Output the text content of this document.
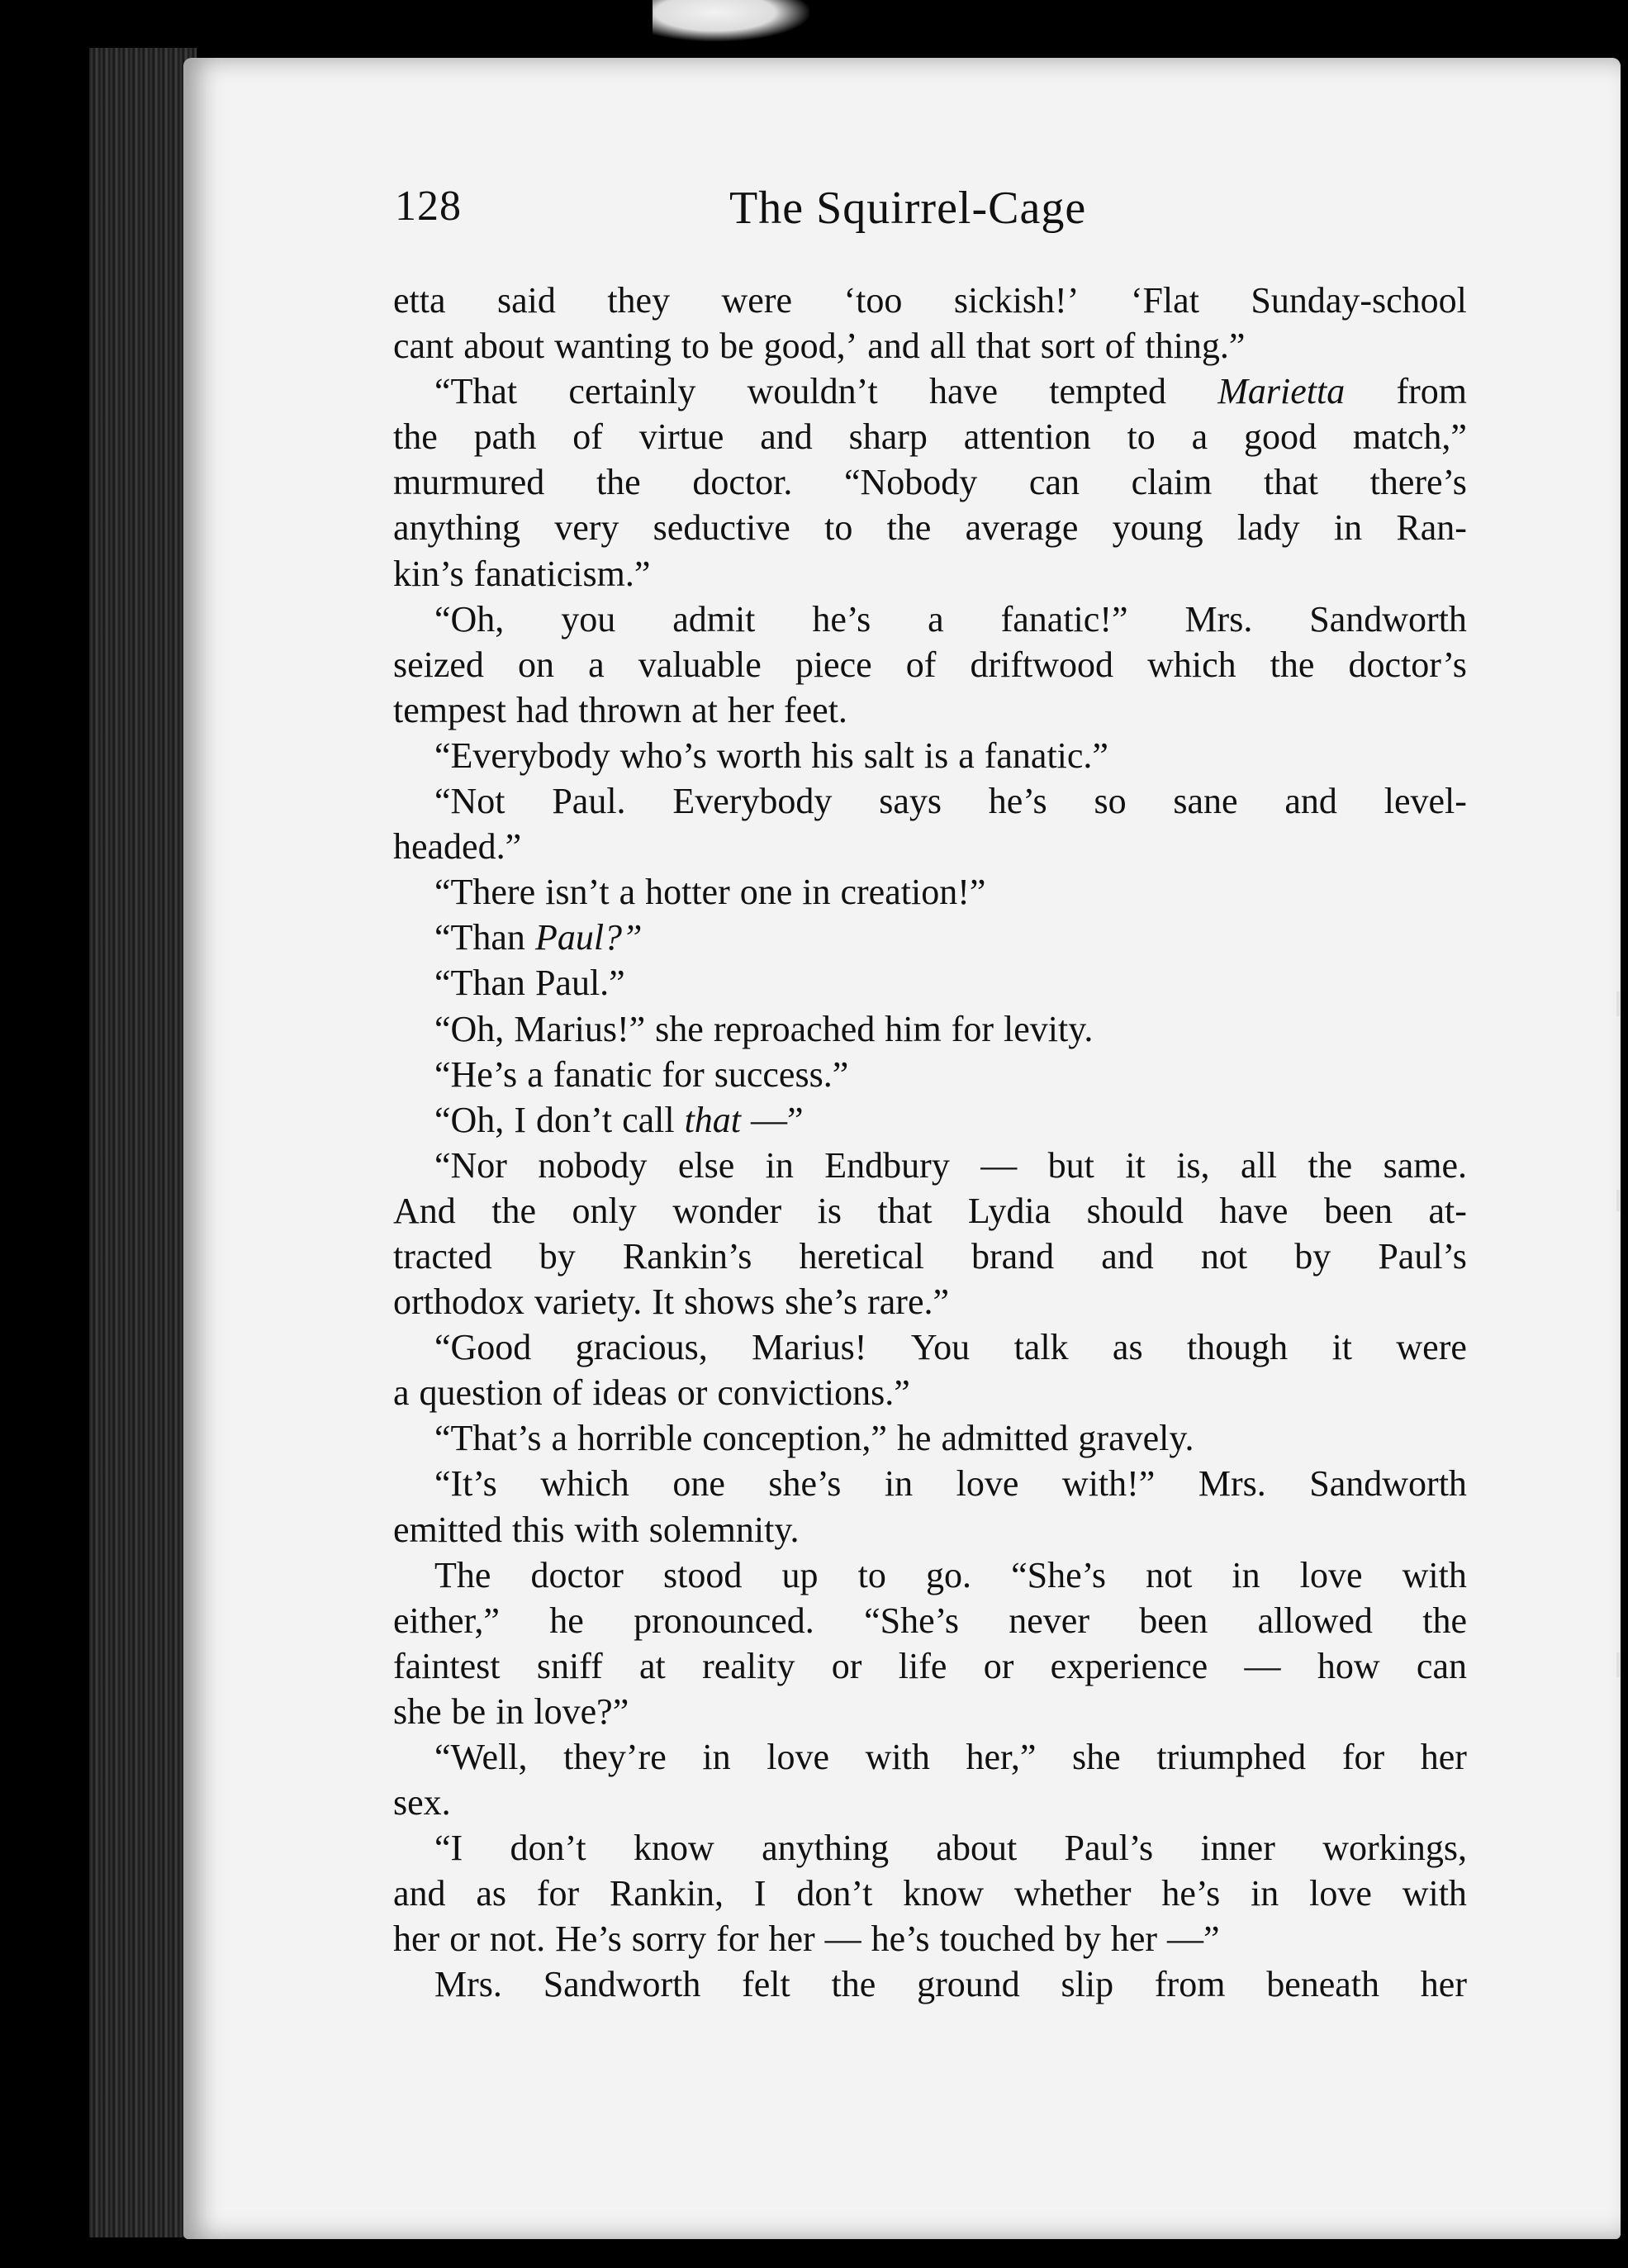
128	The Squirrel-Cage
etta said they were ‘too sickish!’ ‘Flat Sunday-school
cant about wanting to be good,’ and all that sort of thing.”
“That certainly wouldn’t have tempted Marietta from
the path of virtue and sharp attention to a good match,”
murmured the doctor. “Nobody can claim that there’s
anything very seductive to the average young lady in Ran-
kin’s fanaticism.”
“Oh, you admit he’s a fanatic!” Mrs. Sandworth
seized on a valuable piece of driftwood which the doctor’s
tempest had thrown at her feet.
“Everybody who’s worth his salt is a fanatic.”
“Not Paul. Everybody says he’s so sane and level-
headed.”
“There isn’t a hotter one in creation!”
“Than Paul?”
“Than Paul.”
“Oh, Marius!” she reproached him for levity.
“He’s a fanatic for success.”
“Oh, I don’t call that —”
“Nor nobody else in Endbury — but it is, all the same.
And the only wonder is that Lydia should have been at-
tracted by Rankin’s heretical brand and not by Paul’s
orthodox variety. It shows she’s rare.”
“Good gracious, Marius! You talk as though it were
a question of ideas or convictions.”
“That’s a horrible conception,” he admitted gravely.
“It’s which one she’s in love with!” Mrs. Sandworth
emitted this with solemnity.
The doctor stood up to go. “She’s not in love with
either,” he pronounced. “She’s never been allowed the
faintest sniff at reality or life or experience — how can
she be in love?”
“Well, they’re in love with her,” she triumphed for her
sex.
“I don’t know anything about Paul’s inner workings,
and as for Rankin, I don’t know whether he’s in love with
her or not. He’s sorry for her — he’s touched by her —”
Mrs. Sandworth felt the ground slip from beneath her
